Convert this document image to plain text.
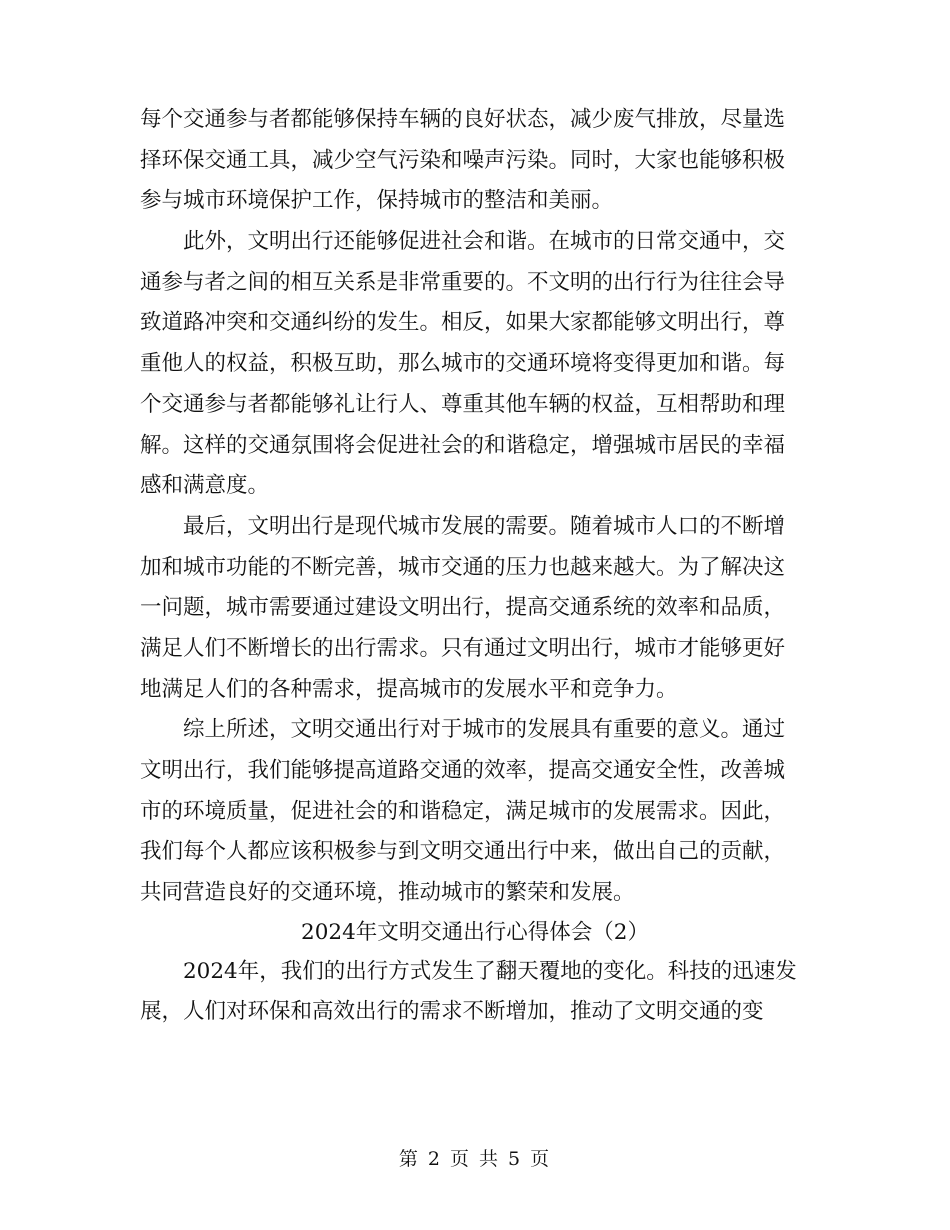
每个交通参与者都能够保持车辆的良好状态，减少废气排放，尽量选
择环保交通工具，减少空气污染和噪声污染。同时，大家也能够积极
参与城市环境保护工作，保持城市的整洁和美丽。
　　此外，文明出行还能够促进社会和谐。在城市的日常交通中，交
通参与者之间的相互关系是非常重要的。不文明的出行行为往往会导
致道路冲突和交通纠纷的发生。相反，如果大家都能够文明出行，尊
重他人的权益，积极互助，那么城市的交通环境将变得更加和谐。每
个交通参与者都能够礼让行人、尊重其他车辆的权益，互相帮助和理
解。这样的交通氛围将会促进社会的和谐稳定，增强城市居民的幸福
感和满意度。
　　最后，文明出行是现代城市发展的需要。随着城市人口的不断增
加和城市功能的不断完善，城市交通的压力也越来越大。为了解决这
一问题，城市需要通过建设文明出行，提高交通系统的效率和品质，
满足人们不断增长的出行需求。只有通过文明出行，城市才能够更好
地满足人们的各种需求，提高城市的发展水平和竞争力。
　　综上所述，文明交通出行对于城市的发展具有重要的意义。通过
文明出行，我们能够提高道路交通的效率，提高交通安全性，改善城
市的环境质量，促进社会的和谐稳定，满足城市的发展需求。因此，
我们每个人都应该积极参与到文明交通出行中来，做出自己的贡献，
共同营造良好的交通环境，推动城市的繁荣和发展。
2024年文明交通出行心得体会（2）
　　2024年，我们的出行方式发生了翻天覆地的变化。科技的迅速发
展，人们对环保和高效出行的需求不断增加，推动了文明交通的变
第 2 页 共 5 页
